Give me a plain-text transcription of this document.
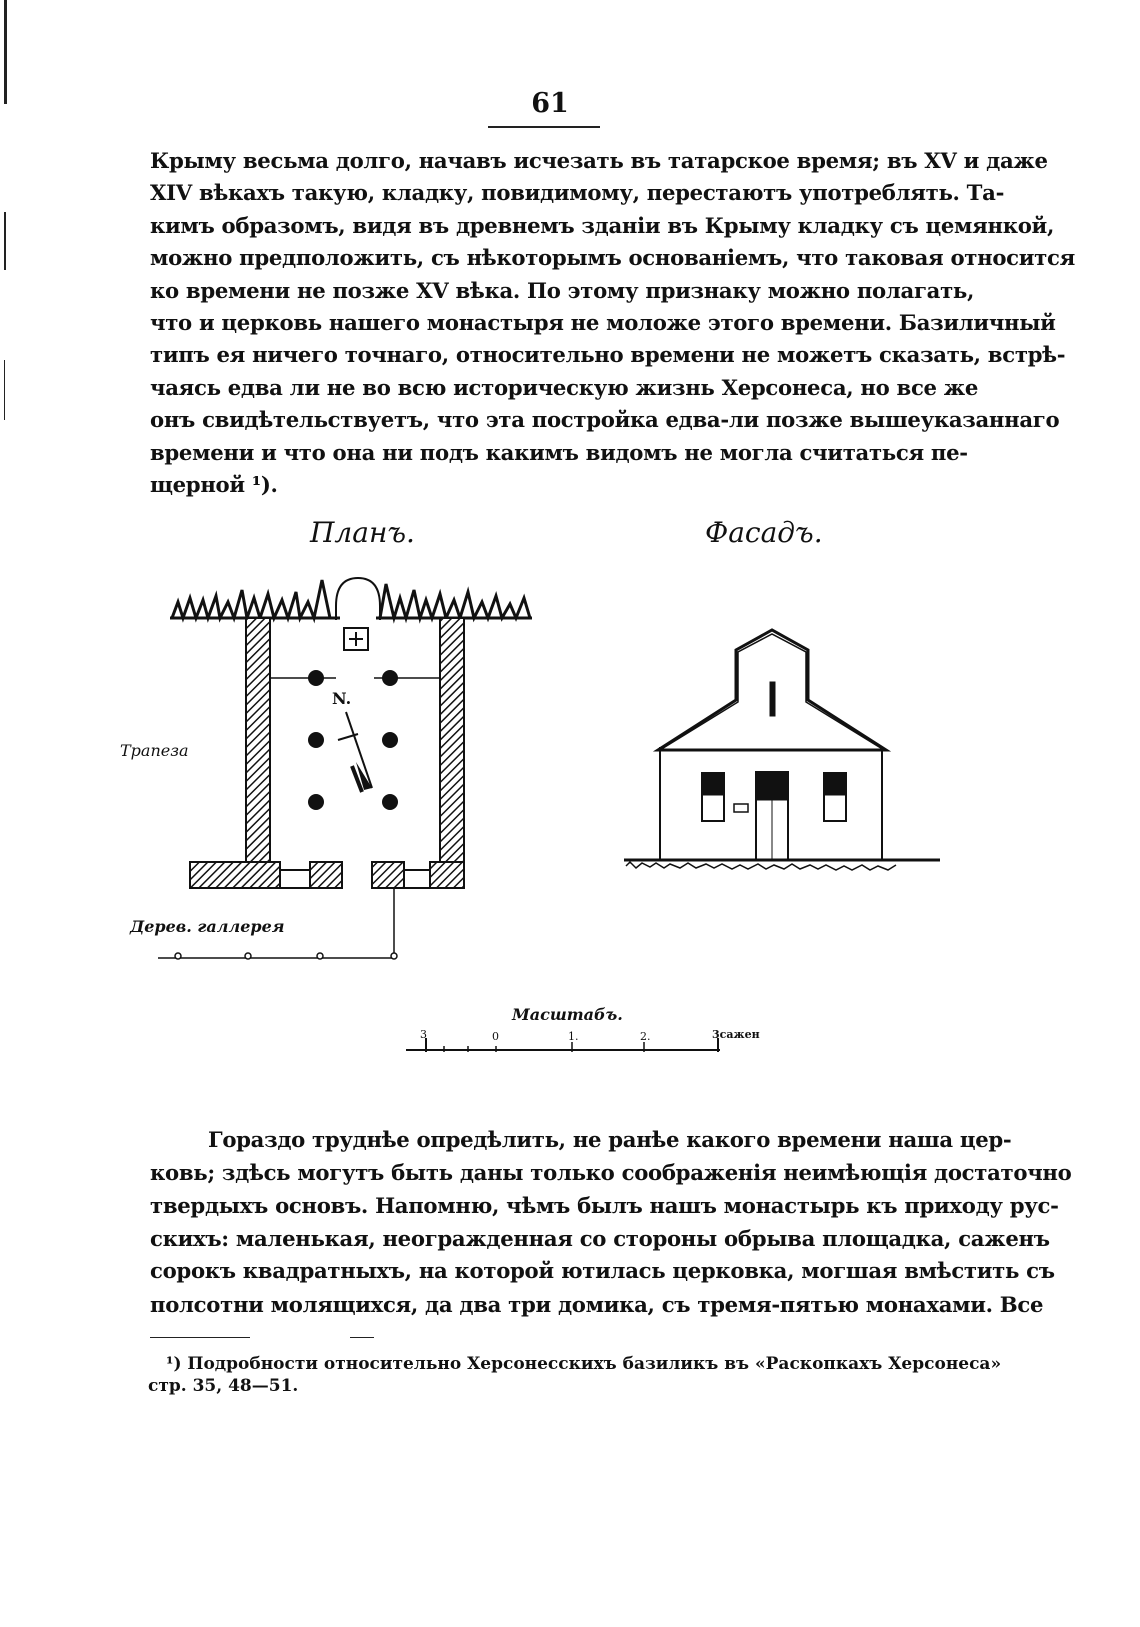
61
Крыму весьма долго, начавъ исчезать въ татарское время; въ XV и даже
XIV вѣкахъ такую, кладку, повидимому, перестаютъ употреблять. Та-
кимъ образомъ, видя въ древнемъ зданіи въ Крыму кладку съ цемянкой,
можно предположить, съ нѣкоторымъ основаніемъ, что таковая относится
ко времени не позже XV вѣка. По этому признаку можно полагать,
что и церковь нашего монастыря не моложе этого времени. Базиличный
типъ ея ничего точнаго, относительно времени не можетъ сказать, встрѣ-
чаясь едва ли не во всю историческую жизнь Херсонеса, но все же
онъ свидѣтельствуетъ, что эта постройка едва-ли позже вышеуказаннаго
времени и что она ни подъ какимъ видомъ не могла считаться пе-
щерной ¹).
Планъ.	Фасадъ.
N.
Трапеза
Дерев. галлерея
Масштабъ.
3	0	1.	2.	3сажен
Гораздо труднѣе опредѣлить, не ранѣе какого времени наша цер-
ковь; здѣсь могутъ быть даны только соображенія неимѣющія достаточно
твердыхъ основъ. Напомню, чѣмъ былъ нашъ монастырь къ приходу рус-
скихъ: маленькая, неогражденная со стороны обрыва площадка, саженъ
сорокъ квадратныхъ, на которой ютилась церковка, могшая вмѣстить съ
полсотни молящихся, да два три домика, съ тремя-пятью монахами. Все
¹) Подробности относительно Херсонесскихъ базиликъ въ «Раскопкахъ Херсонеса»
стр. 35, 48—51.
